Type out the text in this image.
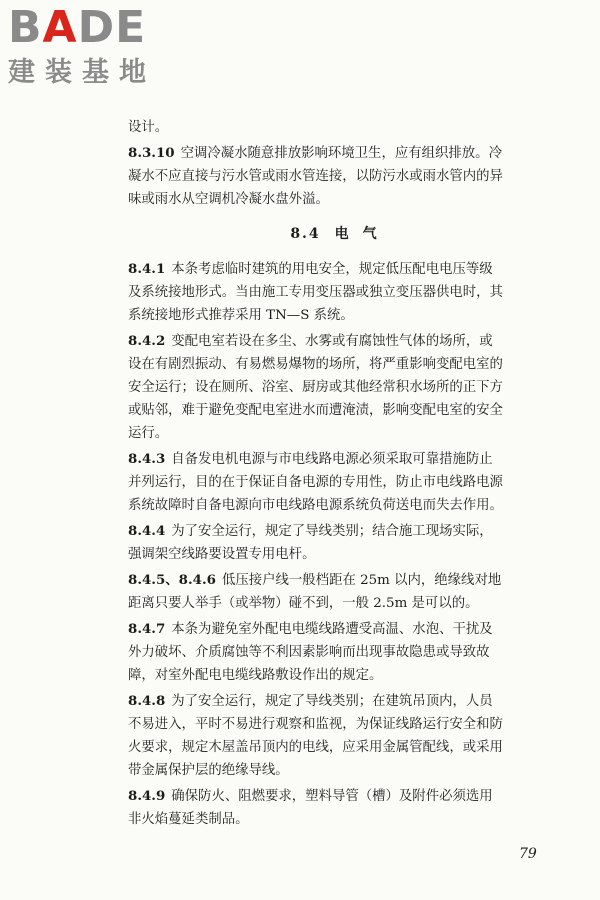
B A DE
建装基地
设计。
8.3.10 空调冷凝水随意排放影响环境卫生，应有组织排放。冷
凝水不应直接与污水管或雨水管连接，以防污水或雨水管内的异
味或雨水从空调机冷凝水盘外溢。
8.4 电气
8.4.1 本条考虑临时建筑的用电安全，规定低压配电电压等级
及系统接地形式。当由施工专用变压器或独立变压器供电时，其
系统接地形式推荐采用 TN—S 系统。
8.4.2 变配电室若设在多尘、水雾或有腐蚀性气体的场所，或
设在有剧烈振动、有易燃易爆物的场所，将严重影响变配电室的
安全运行；设在厕所、浴室、厨房或其他经常积水场所的正下方
或贴邻，难于避免变配电室进水而遭淹渍，影响变配电室的安全
运行。
8.4.3 自备发电机电源与市电线路电源必须采取可靠措施防止
并列运行，目的在于保证自备电源的专用性，防止市电线路电源
系统故障时自备电源向市电线路电源系统负荷送电而失去作用。
8.4.4 为了安全运行，规定了导线类别；结合施工现场实际，
强调架空线路要设置专用电杆。
8.4.5、8.4.6 低压接户线一般档距在 25m 以内，绝缘线对地
距离只要人举手（或举物）碰不到，一般 2.5m 是可以的。
8.4.7 本条为避免室外配电电缆线路遭受高温、水泡、干扰及
外力破坏、介质腐蚀等不利因素影响而出现事故隐患或导致故
障，对室外配电电缆线路敷设作出的规定。
8.4.8 为了安全运行，规定了导线类别；在建筑吊顶内，人员
不易进入，平时不易进行观察和监视，为保证线路运行安全和防
火要求，规定木屋盖吊顶内的电线，应采用金属管配线，或采用
带金属保护层的绝缘导线。
8.4.9 确保防火、阻燃要求，塑料导管（槽）及附件必须选用
非火焰蔓延类制品。
79
